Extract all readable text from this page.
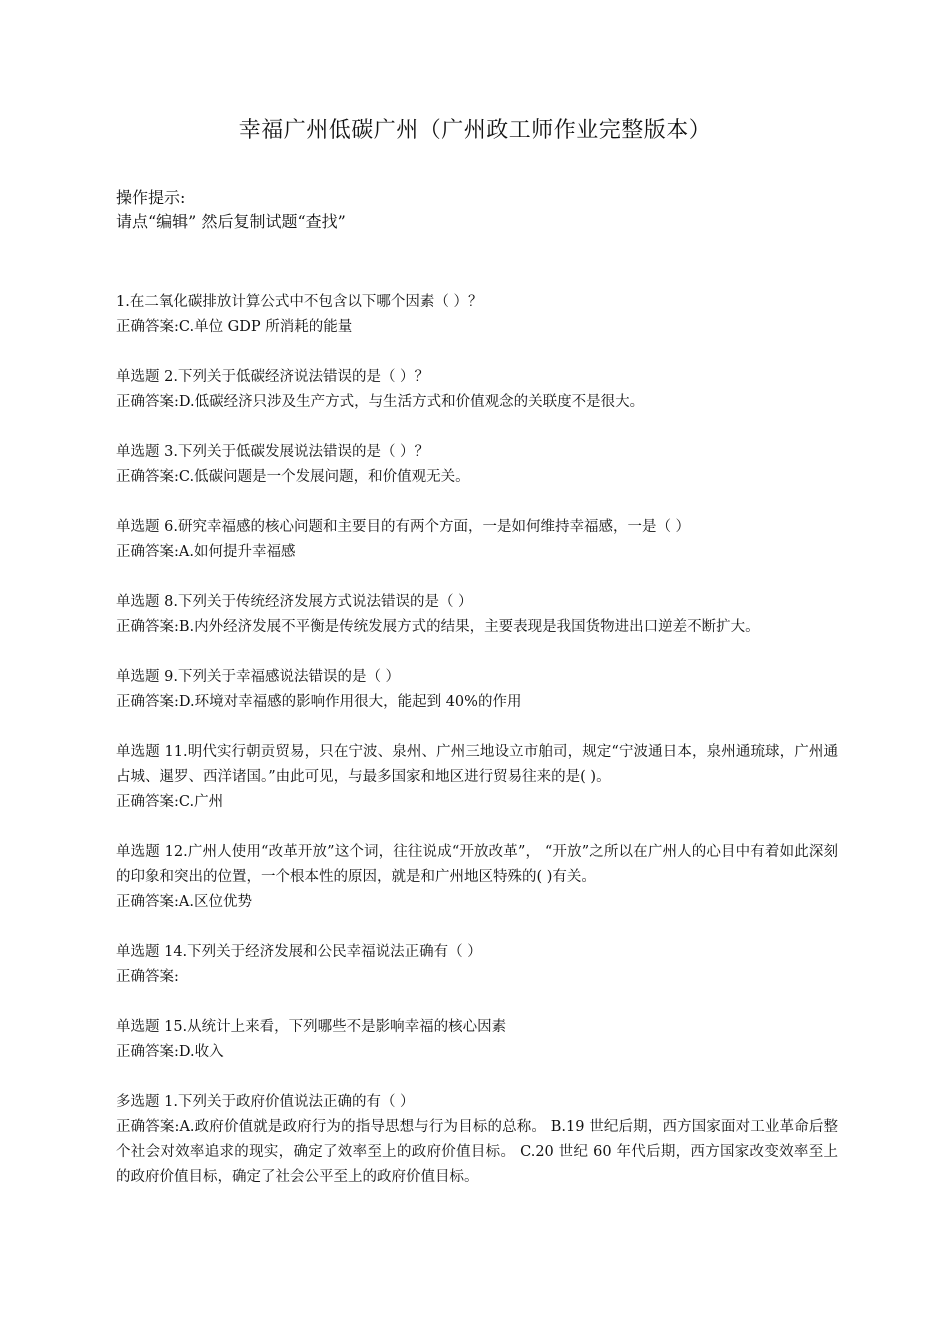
幸福广州低碳广州（广州政工师作业完整版本）
操作提示:
请点“编辑” 然后复制试题“查找”
1.在二氧化碳排放计算公式中不包含以下哪个因素（ ）？
正确答案:C.单位 GDP 所消耗的能量
单选题 2.下列关于低碳经济说法错误的是（ ）？
正确答案:D.低碳经济只涉及生产方式，与生活方式和价值观念的关联度不是很大。
单选题 3.下列关于低碳发展说法错误的是（ ）？
正确答案:C.低碳问题是一个发展问题，和价值观无关。
单选题 6.研究幸福感的核心问题和主要目的有两个方面，一是如何维持幸福感，一是（ ）
正确答案:A.如何提升幸福感
单选题 8.下列关于传统经济发展方式说法错误的是（ ）
正确答案:B.内外经济发展不平衡是传统发展方式的结果，主要表现是我国货物进出口逆差不断扩大。
单选题 9.下列关于幸福感说法错误的是（ ）
正确答案:D.环境对幸福感的影响作用很大，能起到 40%的作用
单选题 11.明代实行朝贡贸易，只在宁波、泉州、广州三地设立市舶司，规定“宁波通日本，泉州通琉球，广州通占城、暹罗、西洋诸国。”由此可见，与最多国家和地区进行贸易往来的是( )。
正确答案:C.广州
单选题 12.广州人使用“改革开放”这个词，往往说成“开放改革”， “开放”之所以在广州人的心目中有着如此深刻的印象和突出的位置，一个根本性的原因，就是和广州地区特殊的( )有关。
正确答案:A.区位优势
单选题 14.下列关于经济发展和公民幸福说法正确有（ ）
正确答案:
单选题 15.从统计上来看，下列哪些不是影响幸福的核心因素
正确答案:D.收入
多选题 1.下列关于政府价值说法正确的有（ ）
正确答案:A.政府价值就是政府行为的指导思想与行为目标的总称。 B.19 世纪后期，西方国家面对工业革命后整个社会对效率追求的现实，确定了效率至上的政府价值目标。 C.20 世纪 60 年代后期，西方国家改变效率至上的政府价值目标，确定了社会公平至上的政府价值目标。
